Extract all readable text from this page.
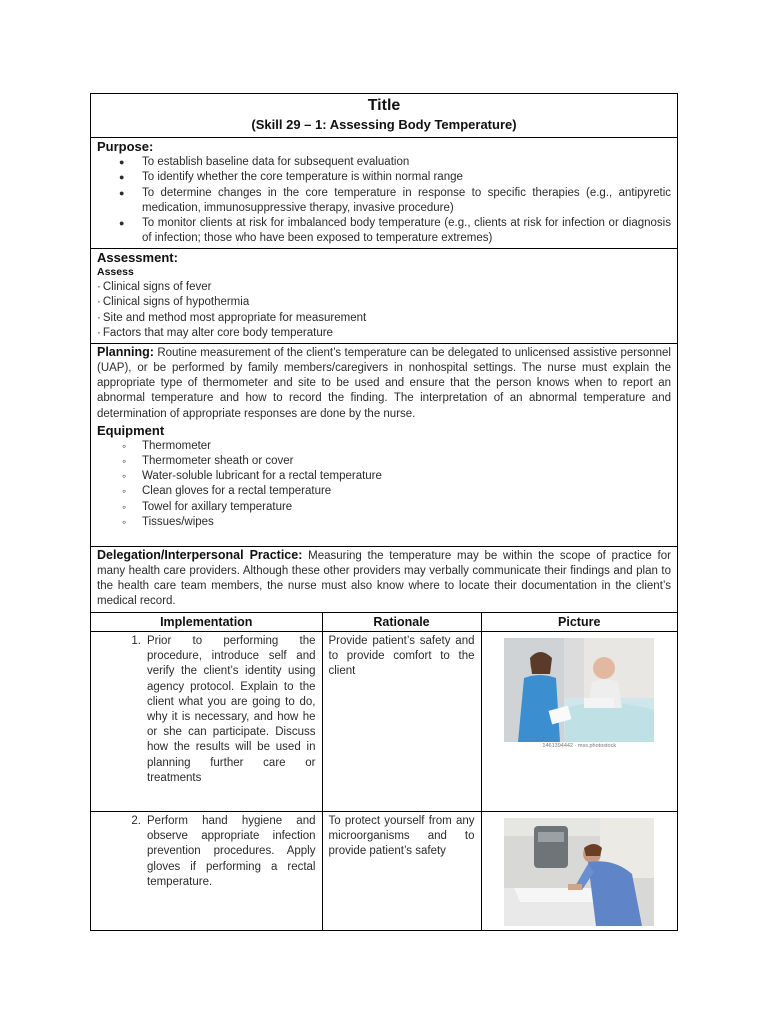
Title
(Skill 29 – 1: Assessing Body Temperature)
Purpose:
● To establish baseline data for subsequent evaluation
● To identify whether the core temperature is within normal range
● To determine changes in the core temperature in response to specific therapies (e.g., antipyretic medication, immunosuppressive therapy, invasive procedure)
● To monitor clients at risk for imbalanced body temperature (e.g., clients at risk for infection or diagnosis of infection; those who have been exposed to temperature extremes)
Assessment:
Assess
· Clinical signs of fever
· Clinical signs of hypothermia
· Site and method most appropriate for measurement
· Factors that may alter core body temperature
Planning: Routine measurement of the client’s temperature can be delegated to unlicensed assistive personnel (UAP), or be performed by family members/caregivers in nonhospital settings. The nurse must explain the appropriate type of thermometer and site to be used and ensure that the person knows when to report an abnormal temperature and how to record the finding. The interpretation of an abnormal temperature and determination of appropriate responses are done by the nurse.
Equipment
◦ Thermometer
◦ Thermometer sheath or cover
◦ Water-soluble lubricant for a rectal temperature
◦ Clean gloves for a rectal temperature
◦ Towel for axillary temperature
◦ Tissues/wipes
Delegation/Interpersonal Practice: Measuring the temperature may be within the scope of practice for many health care providers. Although these other providers may verbally communicate their findings and plan to the health care team members, the nurse must also know where to locate their documentation in the client’s medical record.
Implementation	Rationale	Picture

1. Prior to performing the procedure, introduce self and verify the client’s identity using agency protocol. Explain to the client what you are going to do, why it is necessary, and how he or she can participate. Discuss how the results will be used in planning further care or treatments	Provide patient’s safety and to provide comfort to the client	1461394442 · mss.photostock

2. Perform hand hygiene and observe appropriate infection prevention procedures. Apply gloves if performing a rectal temperature.	To protect yourself from any microorganisms and to provide patient’s safety	
